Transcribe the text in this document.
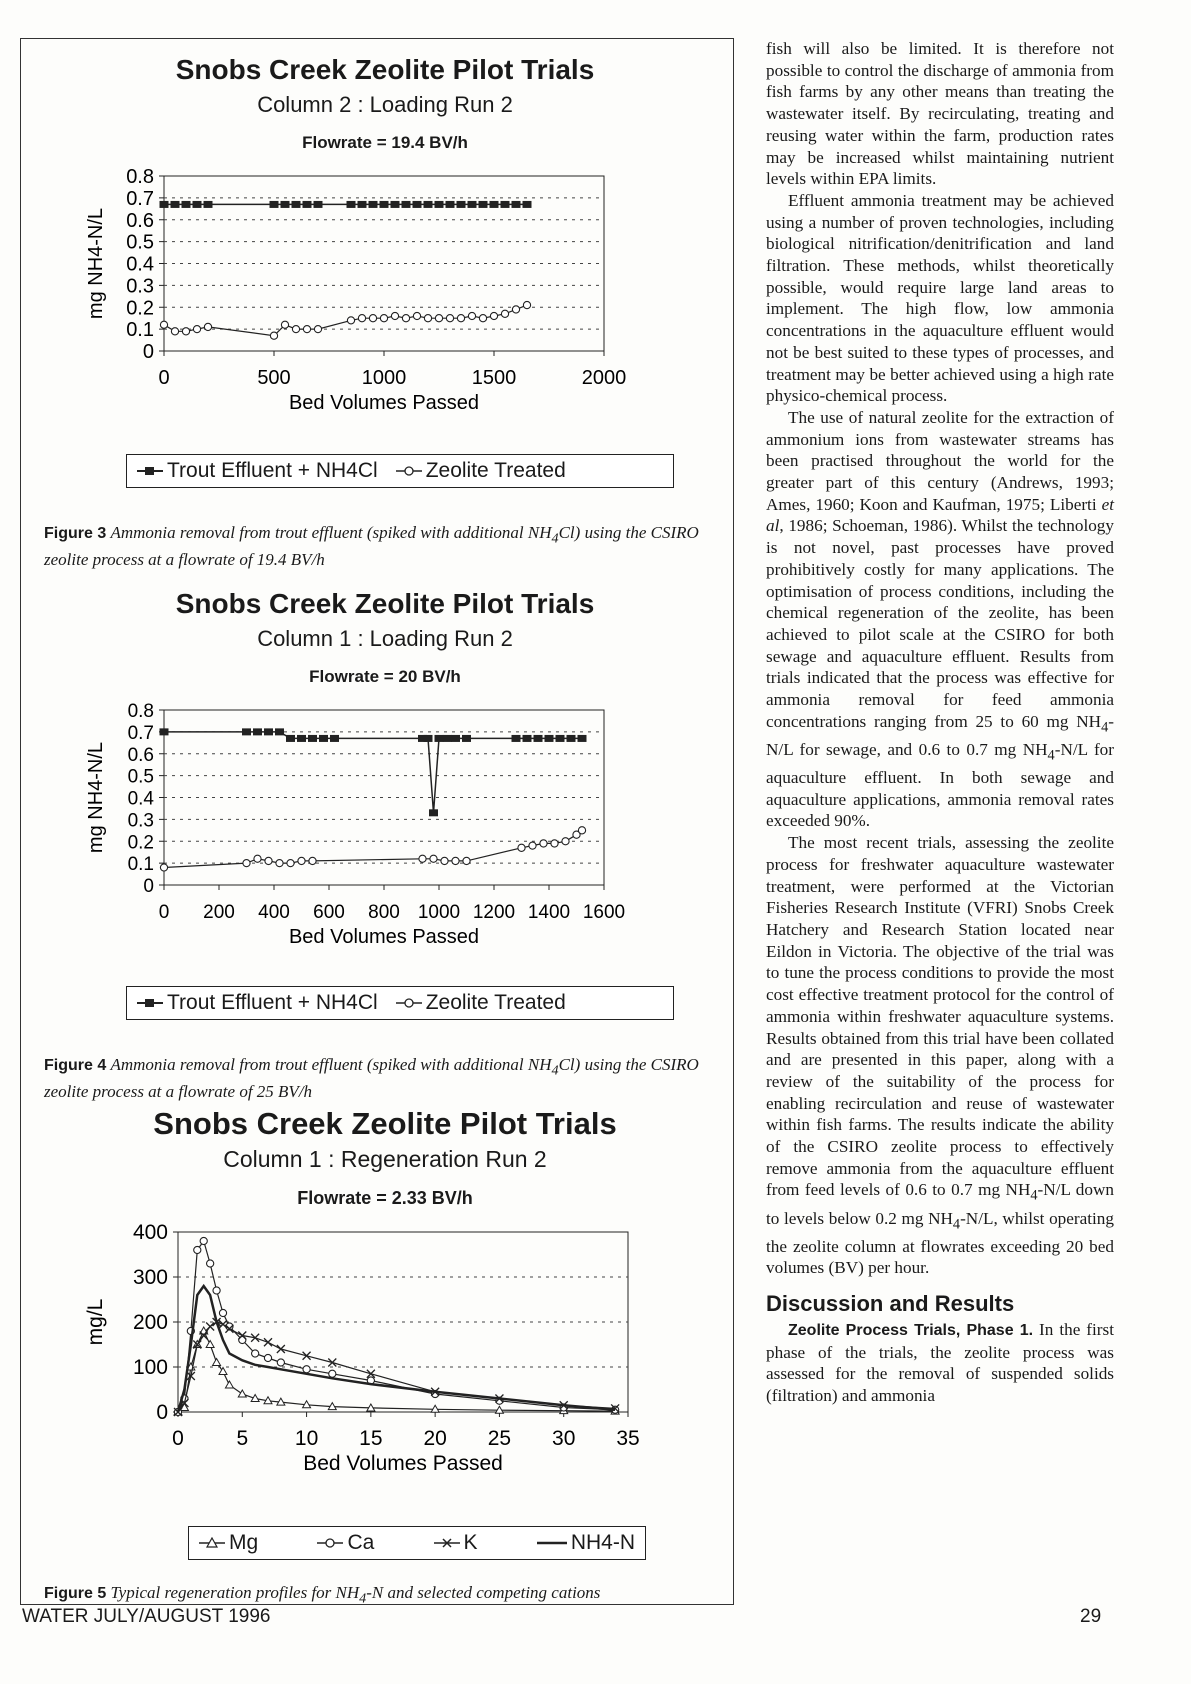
Snobs Creek Zeolite Pilot Trials
Column 2 : Loading Run 2
Flowrate = 19.4 BV/h
0
0.1
0.2
0.3
0.4
0.5
0.6
0.7
0.8
0	500	1000	1500	2000
Bed Volumes Passed
mg NH4-N/L
Trout Effluent + NH4Cl Zeolite Treated
Figure 3 Ammonia removal from trout effluent (spiked with additional $NH_4Cl$) using the CSIRO zeolite process at a flowrate of 19.4 BV/h
Snobs Creek Zeolite Pilot Trials
Column 1 : Loading Run 2
Flowrate = 20 BV/h
0
0.1
0.2
0.3
0.4
0.5
0.6
0.7
0.8
0 200 400 600 800 1000 1200 1400 1600
Bed Volumes Passed
mg NH4-N/L
Trout Effluent + NH4Cl Zeolite Treated
Figure 4 Ammonia removal from trout effluent (spiked with additional $NH_4Cl$) using the CSIRO zeolite process at a flowrate of 25 BV/h
Snobs Creek Zeolite Pilot Trials
Column 1 : Regeneration Run 2
Flowrate = 2.33 BV/h
0
100
200
300
400
0	5 10 15 20 25 30 35
Bed Volumes Passed
mg/L
Mg	Ca	K	NH4-N
Figure 5 Typical regeneration profiles for $NH_4-N$ and selected competing cations

fish will also be limited. It is therefore not possible to control the discharge of ammonia from fish farms by any other means than treating the wastewater itself. By recirculating, treating and reusing water within the farm, production rates may be increased whilst maintaining nutrient levels within EPA limits.

Effluent ammonia treatment may be achieved using a number of proven technologies, including biological nitrification/denitrification and land filtration. These methods, whilst theoretically possible, would require large land areas to implement. The high flow, low ammonia concentrations in the aquaculture effluent would not be best suited to these types of processes, and treatment may be better achieved using a high rate physico-chemical process.

The use of natural zeolite for the extraction of ammonium ions from wastewater streams has been practised throughout the world for the greater part of this century (Andrews, 1993; Ames, 1960; Koon and Kaufman, 1975; Liberti et al, 1986; Schoeman, 1986). Whilst the technology is not novel, past processes have proved prohibitively costly for many applications. The optimisation of process conditions, including the chemical regeneration of the zeolite, has been achieved to pilot scale at the CSIRO for both sewage and aquaculture effluent. Results from trials indicated that the process was effective for ammonia removal for feed ammonia concentrations ranging from 25 to 60 mg $NH_4-N/L$ for sewage, and 0.6 to 0.7 mg $NH_4-N/L$ for aquaculture effluent. In both sewage and aquaculture applications, ammonia removal rates exceeded 90%.

The most recent trials, assessing the zeolite process for freshwater aquaculture wastewater treatment, were performed at the Victorian Fisheries Research Institute (VFRI) Snobs Creek Hatchery and Research Station located near Eildon in Victoria. The objective of the trial was to tune the process conditions to provide the most cost effective treatment protocol for the control of ammonia within freshwater aquaculture systems. Results obtained from this trial have been collated and are presented in this paper, along with a review of the suitability of the process for enabling recirculation and reuse of wastewater within fish farms. The results indicate the ability of the CSIRO zeolite process to effectively remove ammonia from the aquaculture effluent from feed levels of 0.6 to 0.7 mg $NH_4-N/L$ down to levels below 0.2 mg $NH_4-N/L$, whilst operating the zeolite column at flowrates exceeding 20 bed volumes (BV) per hour.

Discussion and Results

Zeolite Process Trials, Phase 1. In the first phase of the trials, the zeolite process was assessed for the removal of suspended solids (filtration) and ammonia

WATER JULY/AUGUST 1996	29
